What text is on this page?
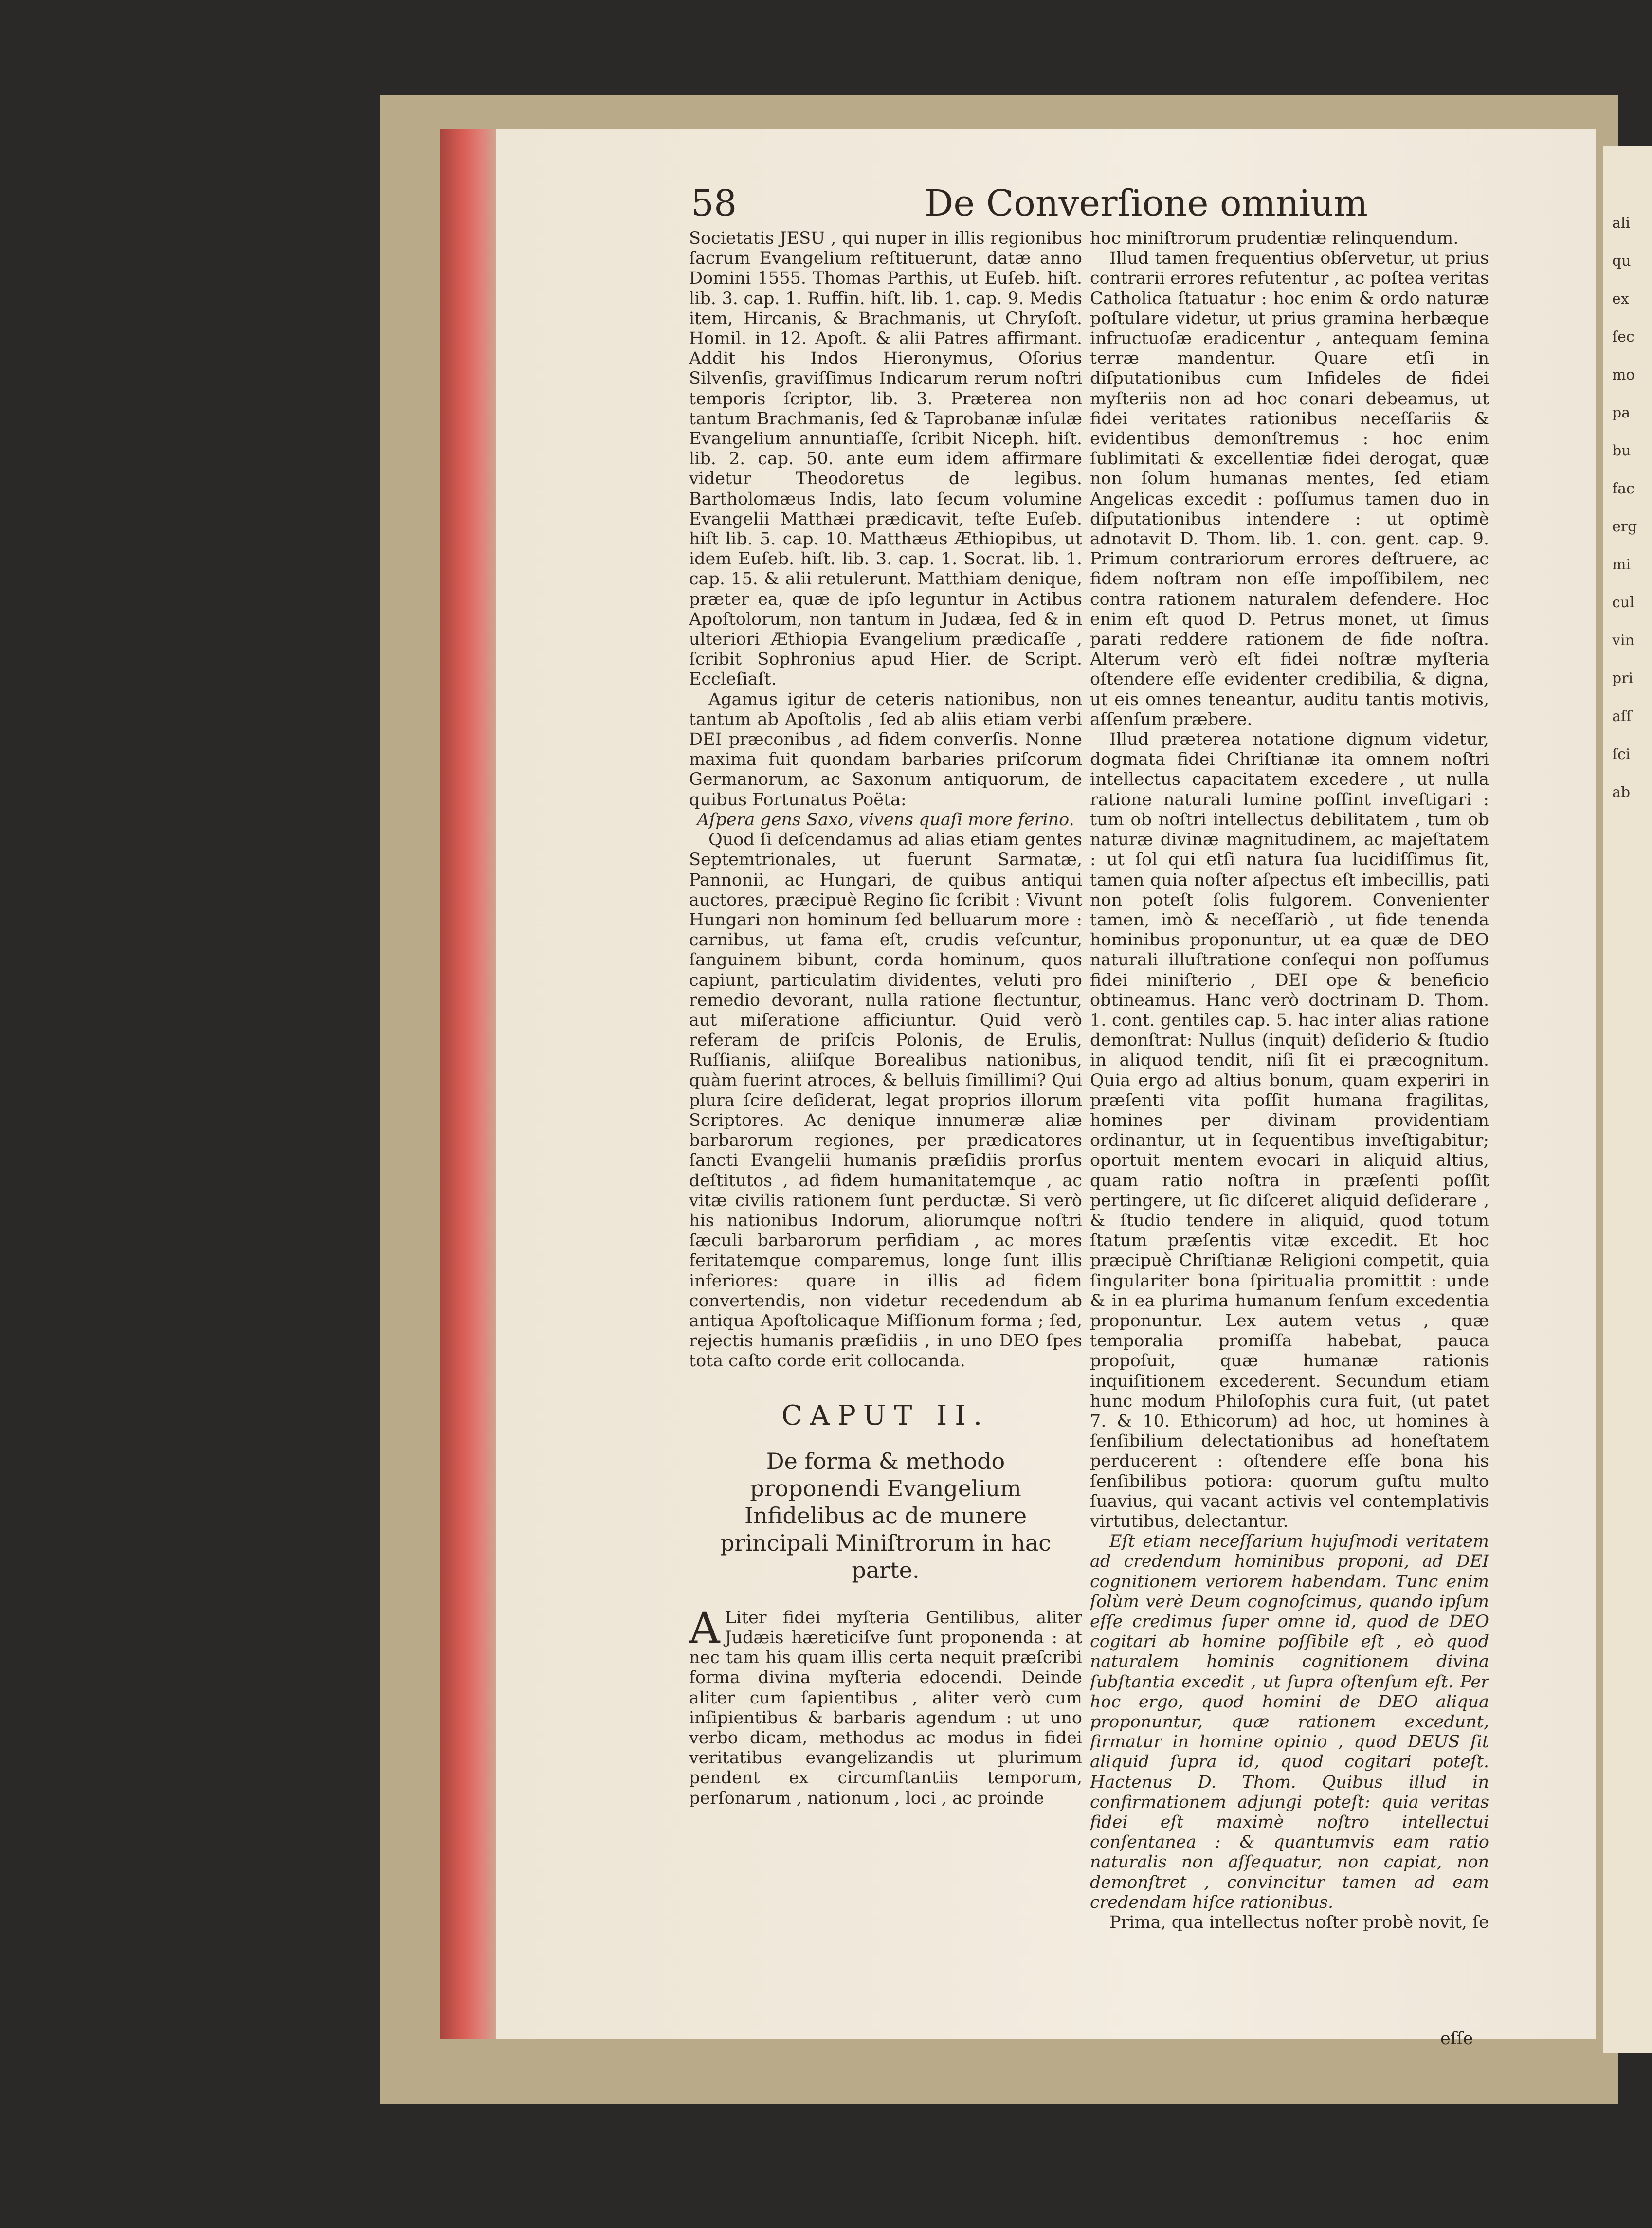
ali
qu
ex
ſec
mo
pa
bu
fac
erg
mi
cul
vin
pri
aſſ
ſci
ab
58	De Converſione omnium

Societatis JESU , qui nuper in illis regionibus ſacrum Evangelium reſtituerunt, datæ anno Domini 1555. Thomas Parthis, ut Euſeb. hiſt. lib. 3. cap. 1. Ruffin. hiſt. lib. 1. cap. 9. Medis item, Hircanis, & Brachmanis, ut Chryſoſt. Homil. in 12. Apoſt. & alii Patres affirmant. Addit his Indos Hieronymus, Oſorius Silvenſis, graviſſimus Indicarum rerum noſtri temporis ſcriptor, lib. 3. Præterea non tantum Brachmanis, ſed & Taprobanæ inſulæ Evangelium annuntiaſſe, ſcribit Niceph. hiſt. lib. 2. cap. 50. ante eum idem affirmare videtur Theodoretus de legibus. Bartholomæus Indis, lato ſecum volumine Evangelii Matthæi prædicavit, teſte Euſeb. hiſt lib. 5. cap. 10. Matthæus Æthiopibus, ut idem Euſeb. hiſt. lib. 3. cap. 1. Socrat. lib. 1. cap. 15. & alii retulerunt. Matthiam denique, præter ea, quæ de ipſo leguntur in Actibus Apoſtolorum, non tantum in Judæa, ſed & in ulteriori Æthiopia Evangelium prædicaſſe , ſcribit Sophronius apud Hier. de Script. Eccleſiaſt.

Agamus igitur de ceteris nationibus, non tantum ab Apoſtolis , ſed ab aliis etiam verbi DEI præconibus , ad fidem converſis. Nonne maxima fuit quondam barbaries priſcorum Germanorum, ac Saxonum antiquorum, de quibus Fortunatus Poëta:

Aſpera gens Saxo, vivens quaſi more ferino.

Quod ſi deſcendamus ad alias etiam gentes Septemtrionales, ut fuerunt Sarmatæ, Pannonii, ac Hungari, de quibus antiqui auctores, præcipuè Regino ſic ſcribit : Vivunt Hungari non hominum ſed belluarum more : carnibus, ut fama eſt, crudis veſcuntur, ſanguinem bibunt, corda hominum, quos capiunt, particulatim dividentes, veluti pro remedio devorant, nulla ratione flectuntur, aut miſeratione afficiuntur. Quid verò referam de priſcis Polonis, de Erulis, Ruſſianis, aliiſque Borealibus nationibus, quàm fuerint atroces, & belluis ſimillimi? Qui plura ſcire deſiderat, legat proprios illorum Scriptores. Ac denique innumeræ aliæ barbarorum regiones, per prædicatores ſancti Evangelii humanis præſidiis prorſus deſtitutos , ad fidem humanitatemque , ac vitæ civilis rationem ſunt perductæ. Si verò his nationibus Indorum, aliorumque noſtri ſæculi barbarorum perfidiam , ac mores feritatemque comparemus, longe ſunt illis inferiores: quare in illis ad fidem convertendis, non videtur recedendum ab antiqua Apoſtolicaque Miſſionum forma ; ſed, rejectis humanis præſidiis , in uno DEO ſpes tota caſto corde erit collocanda.

CAPUT II.
De forma & methodo proponendi Evangelium Infidelibus ac de munere principali Miniſtrorum in hac parte.

A Liter fidei myſteria Gentilibus, aliter Judæis hæreticiſve ſunt proponenda : at nec tam his quam illis certa nequit præſcribi forma divina myſteria edocendi. Deinde aliter cum ſapientibus , aliter verò cum inſipientibus & barbaris agendum : ut uno verbo dicam, methodus ac modus in fidei veritatibus evangelizandis ut plurimum pendent ex circumſtantiis temporum, perſonarum , nationum , loci , ac proinde

hoc miniſtrorum prudentiæ relinquendum.

Illud tamen frequentius obſervetur, ut prius contrarii errores refutentur , ac poſtea veritas Catholica ſtatuatur : hoc enim & ordo naturæ poſtulare videtur, ut prius gramina herbæque infructuoſæ eradicentur , antequam ſemina terræ mandentur. Quare etſi in diſputationibus cum Infideles de fidei myſteriis non ad hoc conari debeamus, ut fidei veritates rationibus neceſſariis & evidentibus demonſtremus : hoc enim ſublimitati & excellentiæ fidei derogat, quæ non ſolum humanas mentes, ſed etiam Angelicas excedit : poſſumus tamen duo in diſputationibus intendere : ut optimè adnotavit D. Thom. lib. 1. con. gent. cap. 9. Primum contrariorum errores deſtruere, ac fidem noſtram non eſſe impoſſibilem, nec contra rationem naturalem defendere. Hoc enim eſt quod D. Petrus monet, ut ſimus parati reddere rationem de fide noſtra. Alterum verò eſt fidei noſtræ myſteria oſtendere eſſe evidenter credibilia, & digna, ut eis omnes teneantur, auditu tantis motivis, aſſenſum præbere.

Illud præterea notatione dignum videtur, dogmata fidei Chriſtianæ ita omnem noſtri intellectus capacitatem excedere , ut nulla ratione naturali lumine poſſint inveſtigari : tum ob noſtri intellectus debilitatem , tum ob naturæ divinæ magnitudinem, ac majeſtatem : ut ſol qui etſi natura ſua lucidiſſimus ſit, tamen quia noſter aſpectus eſt imbecillis, pati non poteſt ſolis fulgorem. Convenienter tamen, imò & neceſſariò , ut fide tenenda hominibus proponuntur, ut ea quæ de DEO naturali illuſtratione conſequi non poſſumus fidei miniſterio , DEI ope & beneficio obtineamus. Hanc verò doctrinam D. Thom. 1. cont. gentiles cap. 5. hac inter alias ratione demonſtrat: Nullus (inquit) deſiderio & ſtudio in aliquod tendit, niſi ſit ei præcognitum. Quia ergo ad altius bonum, quam experiri in præſenti vita poſſit humana fragilitas, homines per divinam providentiam ordinantur, ut in ſequentibus inveſtigabitur; oportuit mentem evocari in aliquid altius, quam ratio noſtra in præſenti poſſit pertingere, ut ſic diſceret aliquid deſiderare , & ſtudio tendere in aliquid, quod totum ſtatum præſentis vitæ excedit. Et hoc præcipuè Chriſtianæ Religioni competit, quia ſingulariter bona ſpiritualia promittit : unde & in ea plurima humanum ſenſum excedentia proponuntur. Lex autem vetus , quæ temporalia promiſſa habebat, pauca propoſuit, quæ humanæ rationis inquiſitionem excederent. Secundum etiam hunc modum Philoſophis cura fuit, (ut patet 7. & 10. Ethicorum) ad hoc, ut homines à ſenſibilium delectationibus ad honeſtatem perducerent : oſtendere eſſe bona his ſenſibilibus potiora: quorum guſtu multo ſuavius, qui vacant activis vel contemplativis virtutibus, delectantur.

Eſt etiam neceſſarium hujuſmodi veritatem ad credendum hominibus proponi, ad DEI cognitionem veriorem habendam. Tunc enim ſolùm verè Deum cognoſcimus, quando ipſum eſſe credimus ſuper omne id, quod de DEO cogitari ab homine poſſibile eſt , eò quod naturalem hominis cognitionem divina ſubſtantia excedit , ut ſupra oſtenſum eſt. Per hoc ergo, quod homini de DEO aliqua proponuntur, quæ rationem excedunt, firmatur in homine opinio , quod DEUS ſit aliquid ſupra id, quod cogitari poteſt. Hactenus D. Thom. Quibus illud in confirmationem adjungi poteſt: quia veritas fidei eſt maximè noſtro intellectui conſentanea : & quantumvis eam ratio naturalis non aſſequatur, non capiat, non demonſtret , convincitur tamen ad eam credendam hiſce rationibus.

Prima, qua intellectus noſter probè novit, ſe

eſſe
